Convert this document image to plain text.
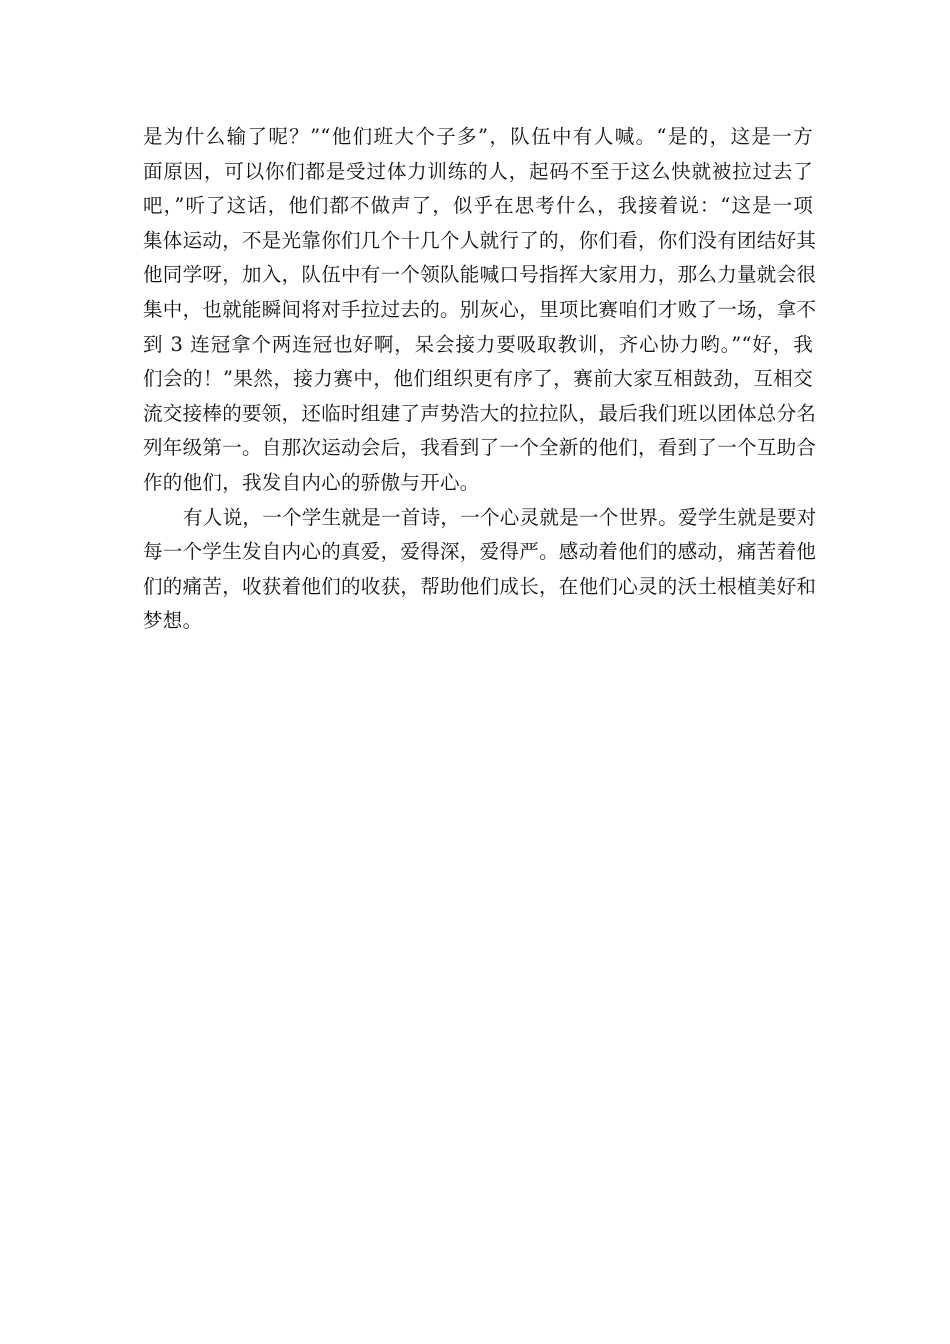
是为什么输了呢？”“他们班大个子多”，队伍中有人喊。“是的，这是一方
面原因，可以你们都是受过体力训练的人，起码不至于这么快就被拉过去了
吧，”听了这话，他们都不做声了，似乎在思考什么，我接着说：“这是一项
集体运动，不是光靠你们几个十几个人就行了的，你们看，你们没有团结好其
他同学呀，加入，队伍中有一个领队能喊口号指挥大家用力，那么力量就会很
集中，也就能瞬间将对手拉过去的。别灰心，里项比赛咱们才败了一场，拿不
到 3 连冠拿个两连冠也好啊，呆会接力要吸取教训，齐心协力哟。”“好，我
们会的！”果然，接力赛中，他们组织更有序了，赛前大家互相鼓劲，互相交
流交接棒的要领，还临时组建了声势浩大的拉拉队，最后我们班以团体总分名
列年级第一。自那次运动会后，我看到了一个全新的他们，看到了一个互助合
作的他们，我发自内心的骄傲与开心。
有人说，一个学生就是一首诗，一个心灵就是一个世界。爱学生就是要对
每一个学生发自内心的真爱，爱得深，爱得严。感动着他们的感动，痛苦着他
们的痛苦，收获着他们的收获，帮助他们成长，在他们心灵的沃土根植美好和
梦想。
